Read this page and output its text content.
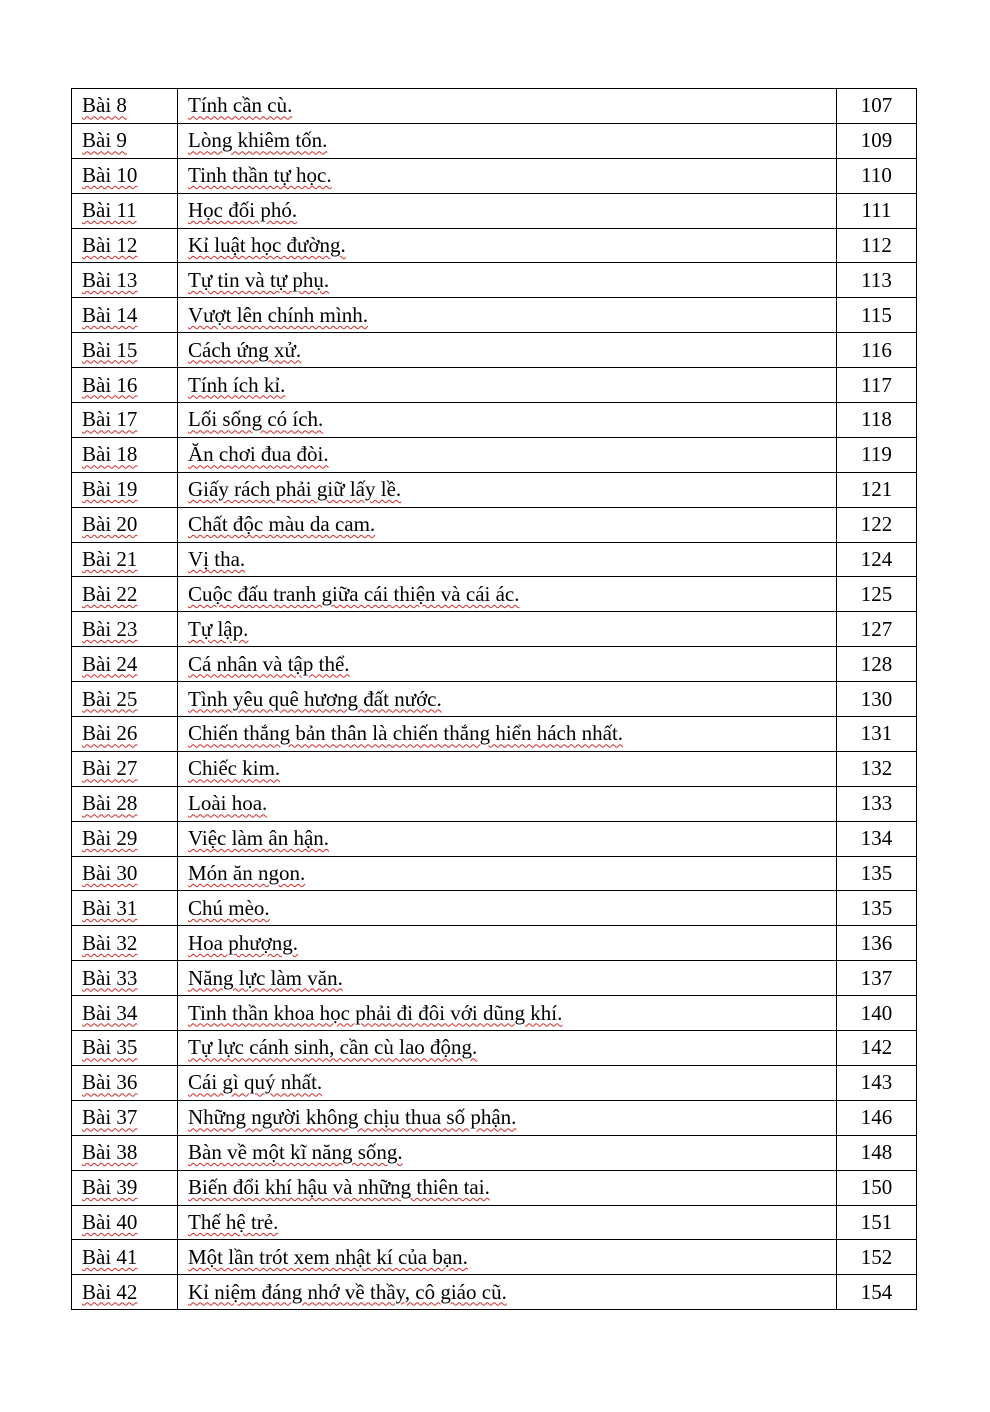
Bài 8	Tính cần cù.	107
Bài 9	Lòng khiêm tốn.	109
Bài 10	Tinh thần tự học.	110
Bài 11	Học đối phó.	111
Bài 12	Kỉ luật học đường.	112
Bài 13	Tự tin và tự phụ.	113
Bài 14	Vượt lên chính mình.	115
Bài 15	Cách ứng xử.	116
Bài 16	Tính ích kỉ.	117
Bài 17	Lối sống có ích.	118
Bài 18	Ăn chơi đua đòi.	119
Bài 19	Giấy rách phải giữ lấy lề.	121
Bài 20	Chất độc màu da cam.	122
Bài 21	Vị tha.	124
Bài 22	Cuộc đấu tranh giữa cái thiện và cái ác.	125
Bài 23	Tự lập.	127
Bài 24	Cá nhân và tập thể.	128
Bài 25	Tình yêu quê hương đất nước.	130
Bài 26	Chiến thắng bản thân là chiến thắng hiển hách nhất.	131
Bài 27	Chiếc kim.	132
Bài 28	Loài hoa.	133
Bài 29	Việc làm ân hận.	134
Bài 30	Món ăn ngon.	135
Bài 31	Chú mèo.	135
Bài 32	Hoa phượng.	136
Bài 33	Năng lực làm văn.	137
Bài 34	Tinh thần khoa học phải đi đôi với dũng khí.	140
Bài 35	Tự lực cánh sinh, cần cù lao động.	142
Bài 36	Cái gì quý nhất.	143
Bài 37	Những người không chịu thua số phận.	146
Bài 38	Bàn về một kĩ năng sống.	148
Bài 39	Biến đổi khí hậu và những thiên tai.	150
Bài 40	Thế hệ trẻ.	151
Bài 41	Một lần trót xem nhật kí của bạn.	152
Bài 42	Kỉ niệm đáng nhớ về thầy, cô giáo cũ.	154
